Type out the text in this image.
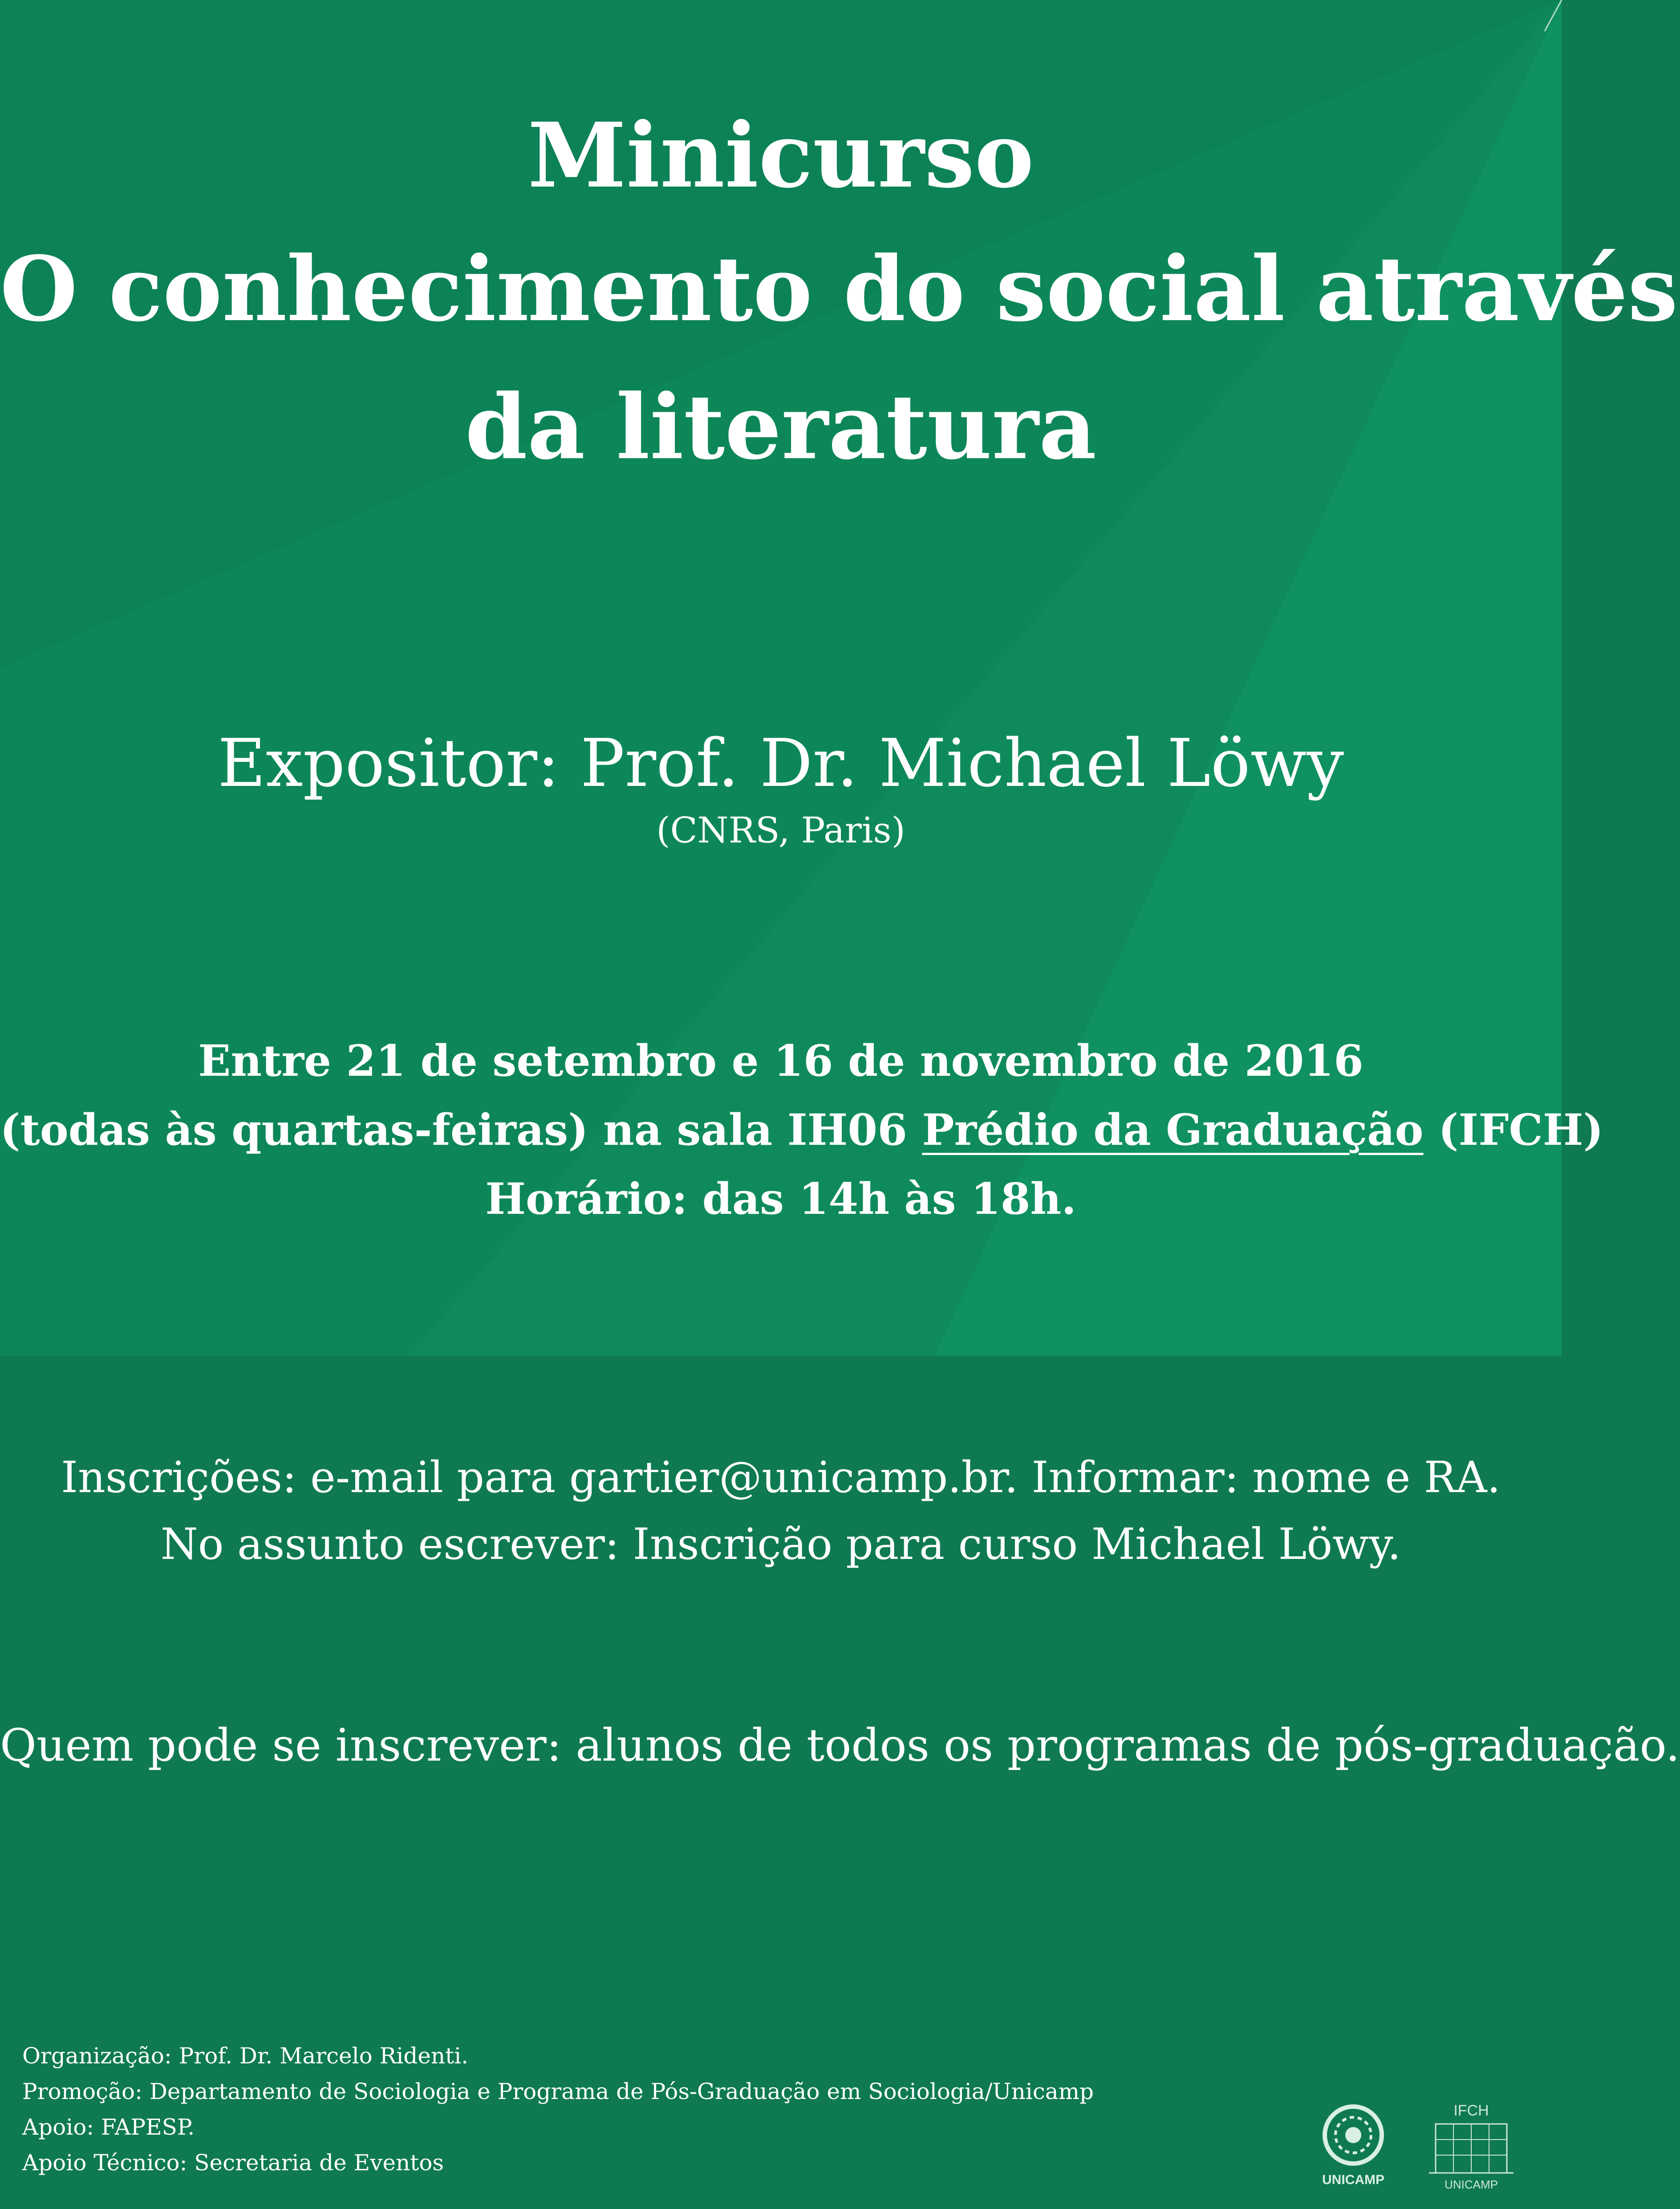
Minicurso
O conhecimento do social através
da literatura
Expositor: Prof. Dr. Michael Löwy
(CNRS, Paris)
Entre 21 de setembro e 16 de novembro de 2016
(todas às quartas-feiras) na sala IH06 Prédio da Graduação (IFCH)
Horário: das 14h às 18h.
Inscrições: e-mail para gartier@unicamp.br. Informar: nome e RA.
No assunto escrever: Inscrição para curso Michael Löwy.
Quem pode se inscrever: alunos de todos os programas de pós-graduação.
Organização: Prof. Dr. Marcelo Ridenti.
Promoção: Departamento de Sociologia e Programa de Pós-Graduação em Sociologia/Unicamp
Apoio: FAPESP.
Apoio Técnico: Secretaria de Eventos
UNICAMP
IFCH
UNICAMP
